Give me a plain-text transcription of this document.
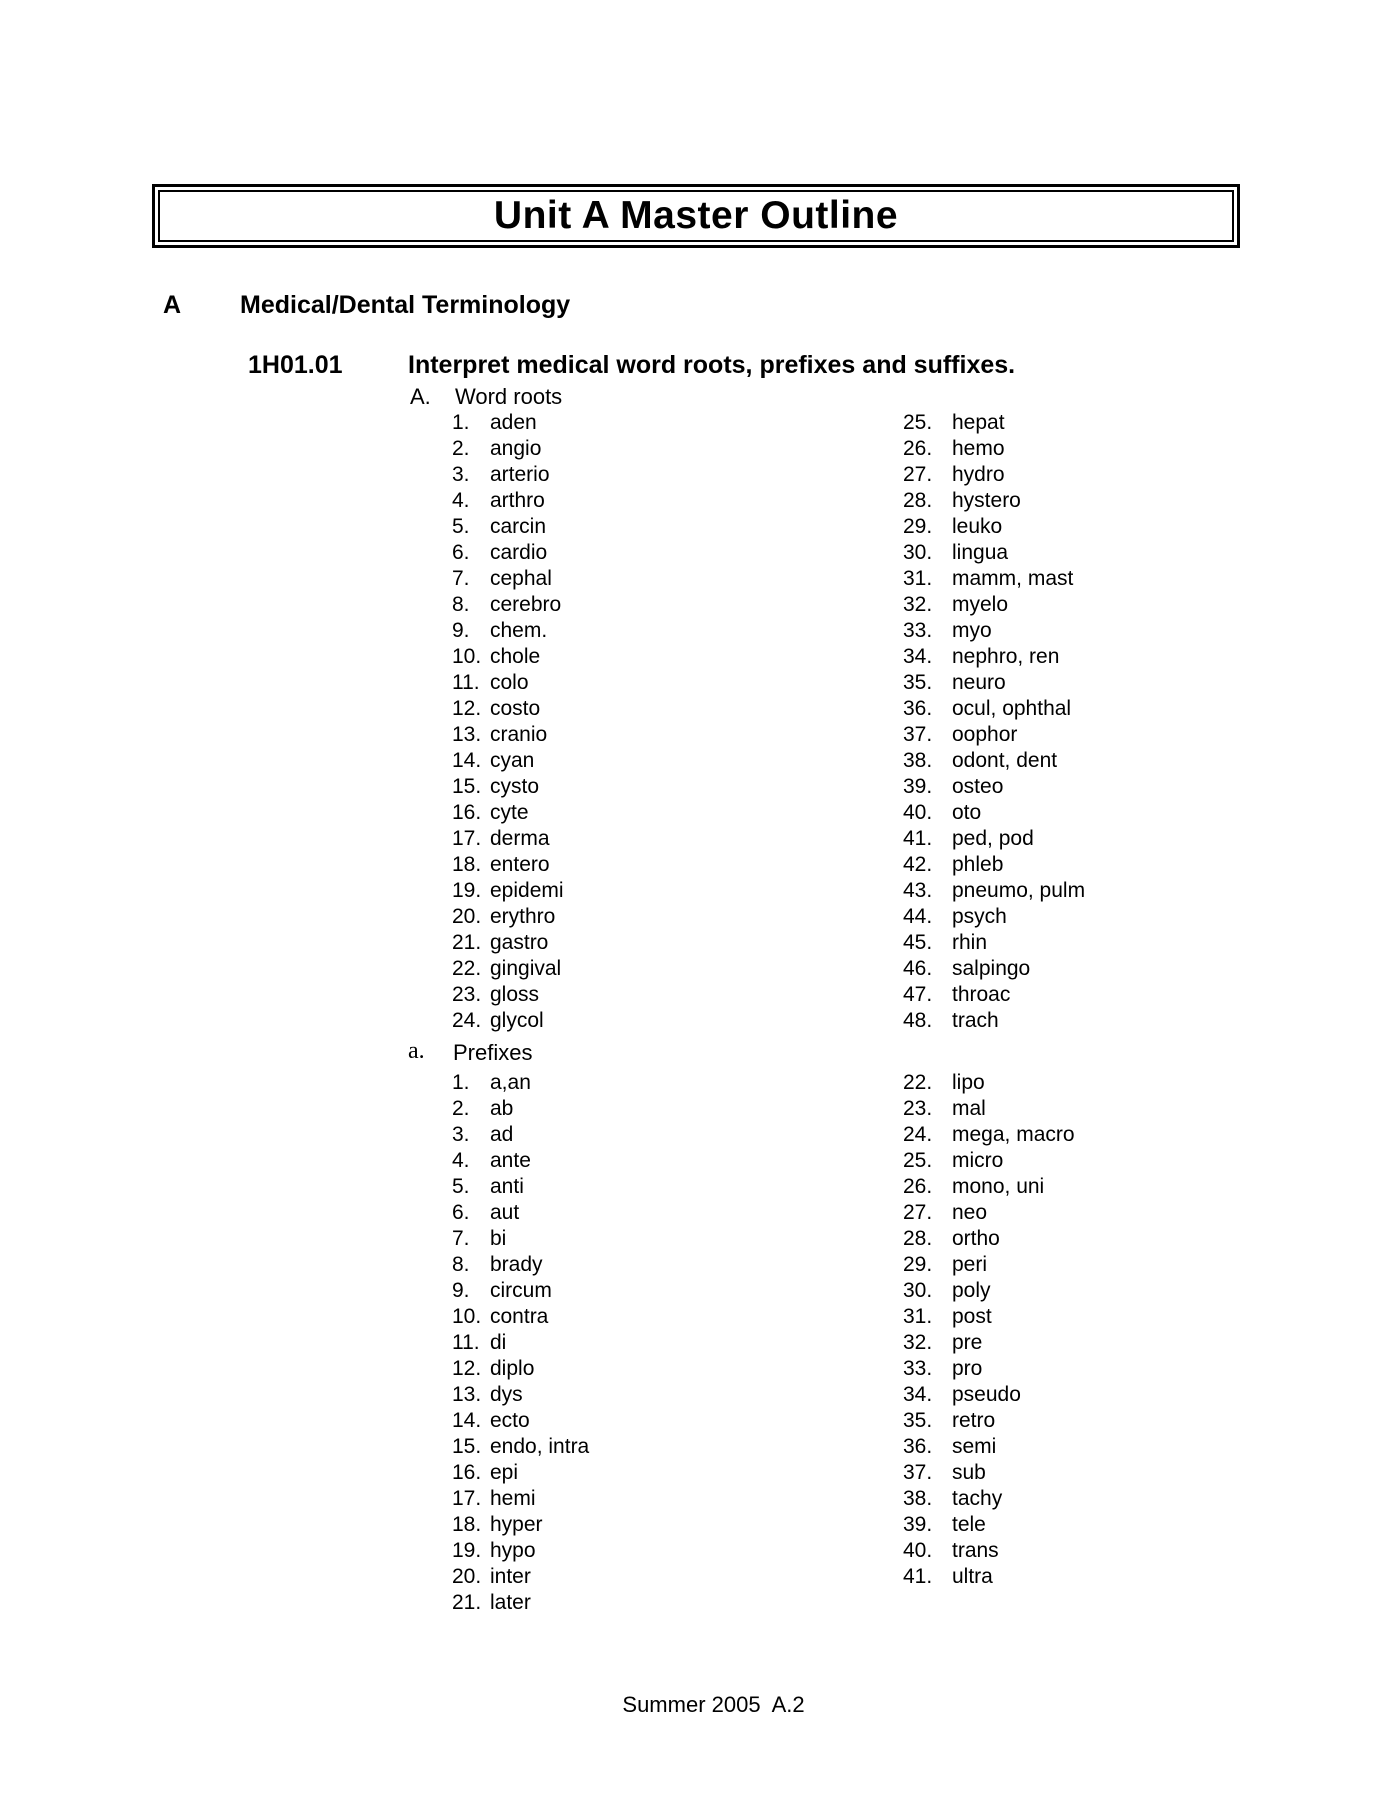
Unit A Master Outline
A Medical/Dental Terminology
1H01.01	Interpret medical word roots, prefixes and suffixes.
A. Word roots
1. aden
2. angio
3. arterio
4. arthro
5. carcin
6. cardio
7. cephal
8. cerebro
9. chem.
10. chole
11. colo
12. costo
13. cranio
14. cyan
15. cysto
16. cyte
17. derma
18. entero
19. epidemi
20. erythro
21. gastro
22. gingival
23. gloss
24. glycol
25. hepat
26. hemo
27. hydro
28. hystero
29. leuko
30. lingua
31. mamm, mast
32. myelo
33. myo
34. nephro, ren
35. neuro
36. ocul, ophthal
37. oophor
38. odont, dent
39. osteo
40. oto
41. ped, pod
42. phleb
43. pneumo, pulm
44. psych
45. rhin
46. salpingo
47. throac
48. trach
a. Prefixes
1. a,an
2. ab
3. ad
4. ante
5. anti
6. aut
7. bi
8. brady
9. circum
10. contra
11. di
12. diplo
13. dys
14. ecto
15. endo, intra
16. epi
17. hemi
18. hyper
19. hypo
20. inter
21. later
22. lipo
23. mal
24. mega, macro
25. micro
26. mono, uni
27. neo
28. ortho
29. peri
30. poly
31. post
32. pre
33. pro
34. pseudo
35. retro
36. semi
37. sub
38. tachy
39. tele
40. trans
41. ultra
Summer 2005  A.2
